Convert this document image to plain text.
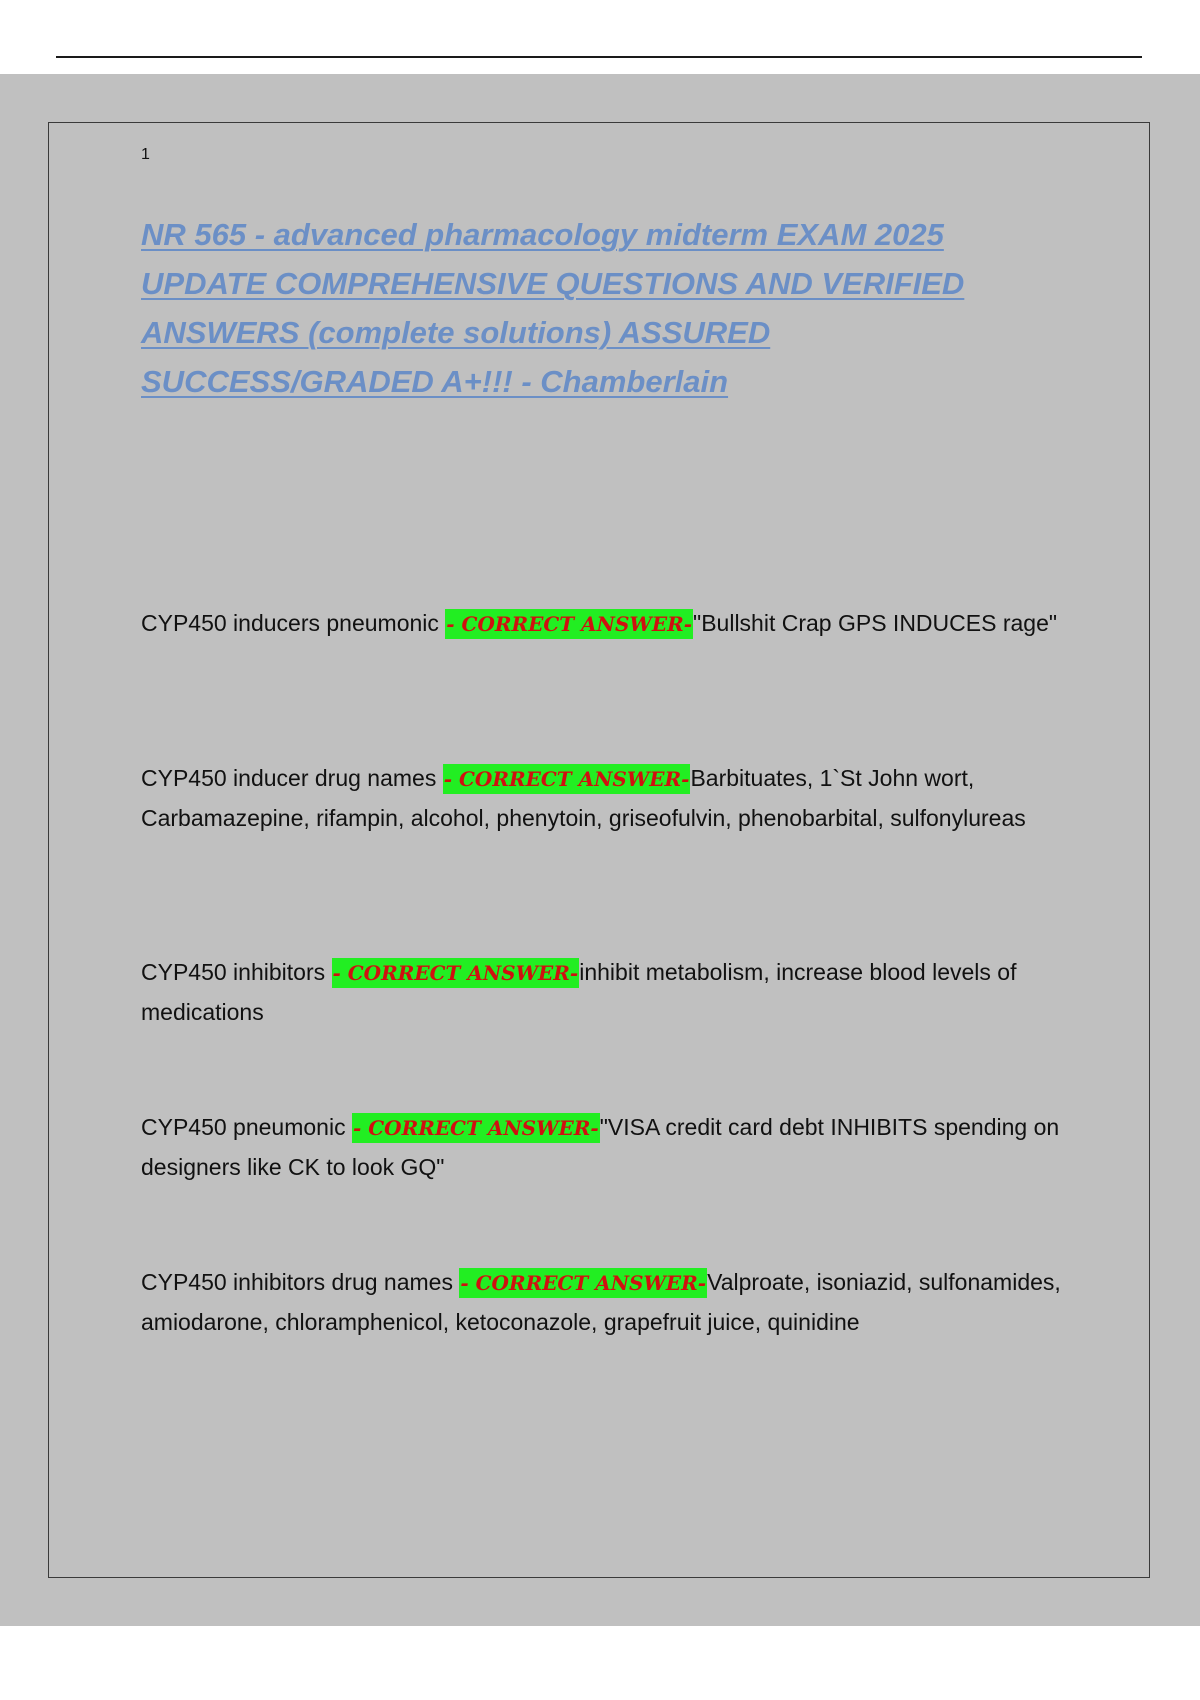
1
NR 565 - advanced pharmacology midterm EXAM 2025 UPDATE COMPREHENSIVE QUESTIONS AND VERIFIED ANSWERS (complete solutions) ASSURED SUCCESS/GRADED A+!!! - Chamberlain

CYP450 inducers pneumonic - CORRECT ANSWER-"Bullshit Crap GPS INDUCES rage"

CYP450 inducer drug names - CORRECT ANSWER-Barbituates, 1`St John wort, Carbamazepine, rifampin, alcohol, phenytoin, griseofulvin, phenobarbital, sulfonylureas

CYP450 inhibitors - CORRECT ANSWER-inhibit metabolism, increase blood levels of medications

CYP450 pneumonic - CORRECT ANSWER-"VISA credit card debt INHIBITS spending on designers like CK to look GQ"

CYP450 inhibitors drug names - CORRECT ANSWER-Valproate, isoniazid, sulfonamides, amiodarone, chloramphenicol, ketoconazole, grapefruit juice, quinidine
